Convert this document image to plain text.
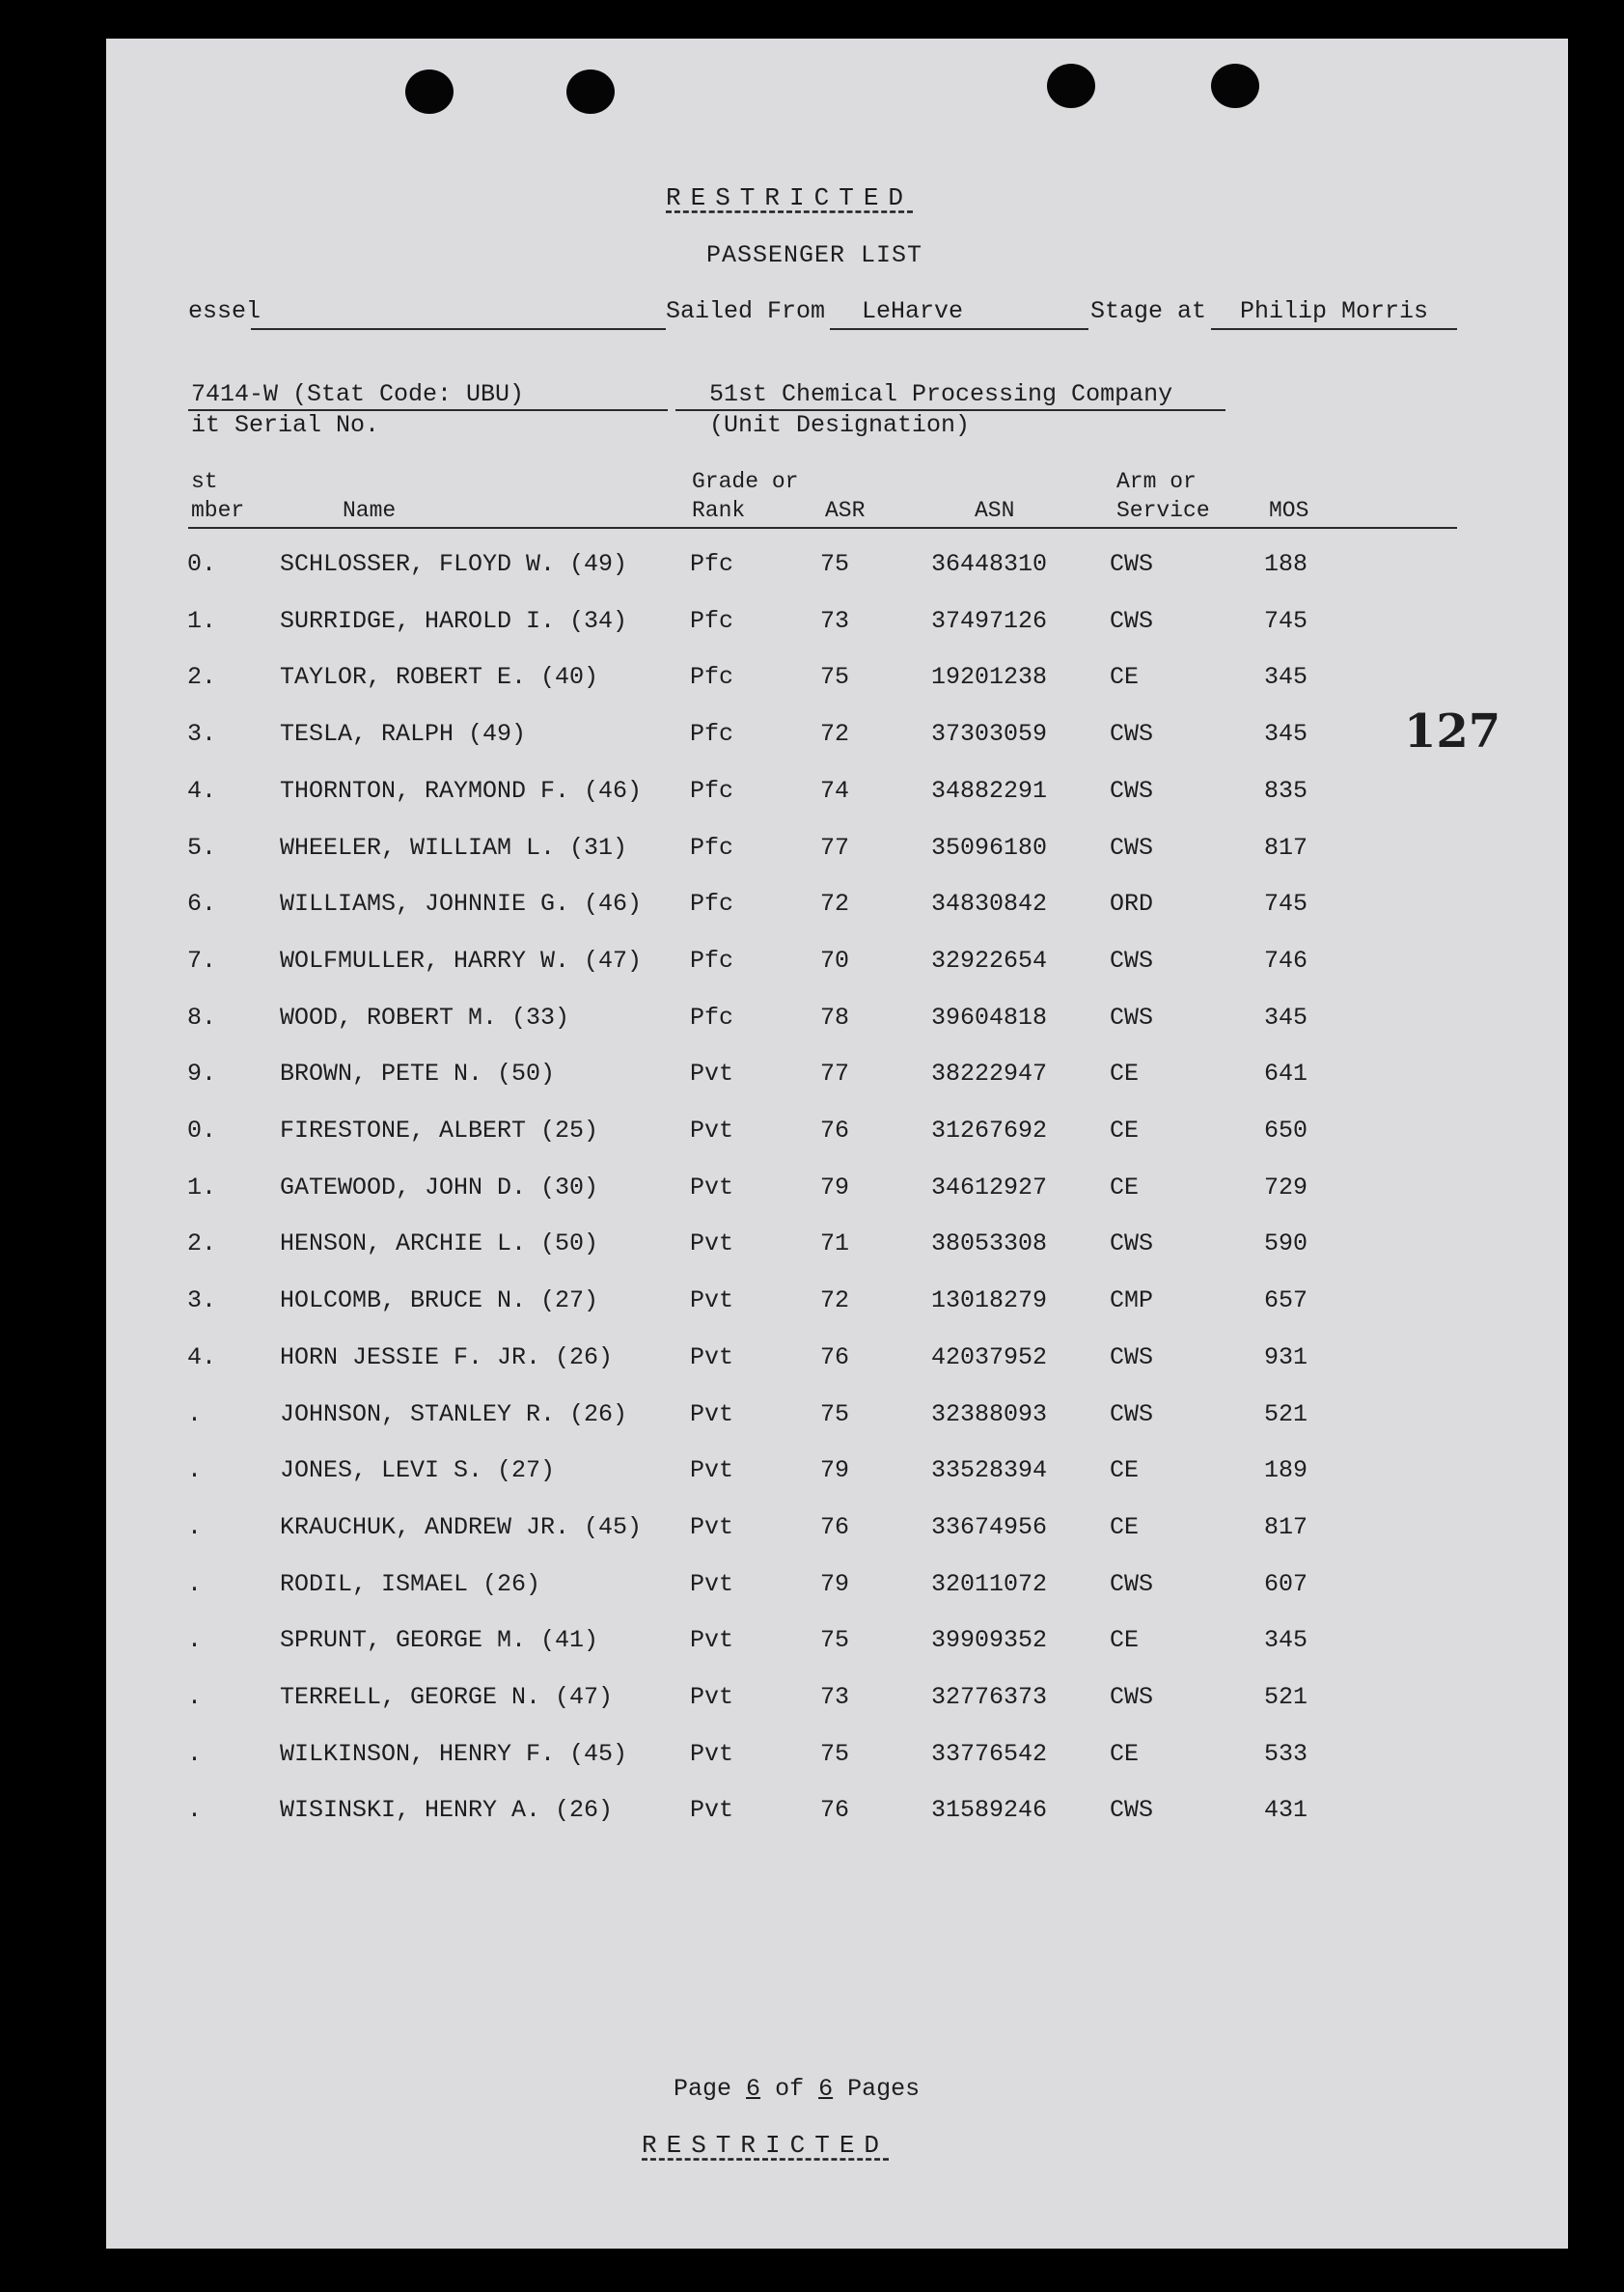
RESTRICTED
PASSENGER LIST
essel	Sailed From LeHarve	Stage at Philip Morris
7414-W (Stat Code: UBU)
it Serial No.
51st Chemical Processing Company
(Unit Designation)
st
mber	Name
Grade or
Rank	ASR	ASN
Arm or
Service	MOS
0.	SCHLOSSER, FLOYD W. (49)	Pfc	75	36448310	CWS	188
1.	SURRIDGE, HAROLD I. (34)	Pfc	73	37497126	CWS	745
2.	TAYLOR, ROBERT E. (40)	Pfc	75	19201238	CE	345
3.	TESLA, RALPH (49)	Pfc	72	37303059	CWS	345
4.	THORNTON, RAYMOND F. (46) Pfc	74	34882291	CWS	835
5.	WHEELER, WILLIAM L. (31)	Pfc	77	35096180	CWS	817
6.	WILLIAMS, JOHNNIE G. (46) Pfc	72	34830842	ORD	745
7.	WOLFMULLER, HARRY W. (47) Pfc	70	32922654	CWS	746
8.	WOOD, ROBERT M. (33)	Pfc	78	39604818	CWS	345
9.	BROWN, PETE N. (50)	Pvt	77	38222947	CE	641
0.	FIRESTONE, ALBERT (25)	Pvt	76	31267692	CE	650
1.	GATEWOOD, JOHN D. (30)	Pvt	79	34612927	CE	729
2.	HENSON, ARCHIE L. (50)	Pvt	71	38053308	CWS	590
3.	HOLCOMB, BRUCE N. (27)	Pvt	72	13018279	CMP	657
4.	HORN JESSIE F. JR. (26)	Pvt	76	42037952	CWS	931
.	JOHNSON, STANLEY R. (26)	Pvt	75	32388093	CWS	521
.	JONES, LEVI S. (27)	Pvt	79	33528394	CE	189
.	KRAUCHUK, ANDREW JR. (45) Pvt	76	33674956	CE	817
.	RODIL, ISMAEL (26)	Pvt	79	32011072	CWS	607
.	SPRUNT, GEORGE M. (41)	Pvt	75	39909352	CE	345
.	TERRELL, GEORGE N. (47)	Pvt	73	32776373	CWS	521
.	WILKINSON, HENRY F. (45)	Pvt	75	33776542	CE	533
.	WISINSKI, HENRY A. (26)	Pvt	76	31589246	CWS	431
127
Page 6 of 6 Pages
RESTRICTED
